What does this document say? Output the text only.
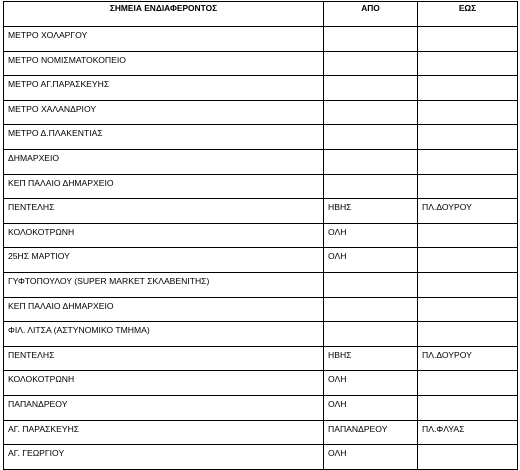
ΣΗΜΕΙΑ ΕΝΔΙΑΦΕΡΟΝΤΟΣ	ΑΠΟ	ΕΩΣ
ΜΕΤΡΟ ΧΟΛΑΡΓΟΥ		
ΜΕΤΡΟ ΝΟΜΙΣΜΑΤΟΚΟΠΕΙΟ		
ΜΕΤΡΟ ΑΓ.ΠΑΡΑΣΚΕΥΗΣ		
ΜΕΤΡΟ ΧΑΛΑΝΔΡΙΟΥ		
ΜΕΤΡΟ Δ.ΠΛΑΚΕΝΤΙΑΣ		
ΔΗΜΑΡΧΕΙΟ		
ΚΕΠ ΠΑΛΑΙΟ ΔΗΜΑΡΧΕΙΟ		
ΠΕΝΤΕΛΗΣ	ΗΒΗΣ	ΠΛ.ΔΟΥΡΟΥ
ΚΟΛΟΚΟΤΡΩΝΗ	ΟΛΗ	
25ΗΣ ΜΑΡΤΙΟΥ	ΟΛΗ	
ΓΥΦΤΟΠΟΥΛΟΥ (SUPER MARKET ΣΚΛΑΒΕΝΙΤΗΣ)		
ΚΕΠ ΠΑΛΑΙΟ ΔΗΜΑΡΧΕΙΟ		
ΦΙΛ. ΛΙΤΣΑ (ΑΣΤΥΝΟΜΙΚΟ ΤΜΗΜΑ)		
ΠΕΝΤΕΛΗΣ	ΗΒΗΣ	ΠΛ.ΔΟΥΡΟΥ
ΚΟΛΟΚΟΤΡΩΝΗ	ΟΛΗ	
ΠΑΠΑΝΔΡΕΟΥ	ΟΛΗ	
ΑΓ. ΠΑΡΑΣΚΕΥΗΣ	ΠΑΠΑΝΔΡΕΟΥ	ΠΛ.ΦΛΥΑΣ
ΑΓ. ΓΕΩΡΓΙΟΥ	ΟΛΗ	
